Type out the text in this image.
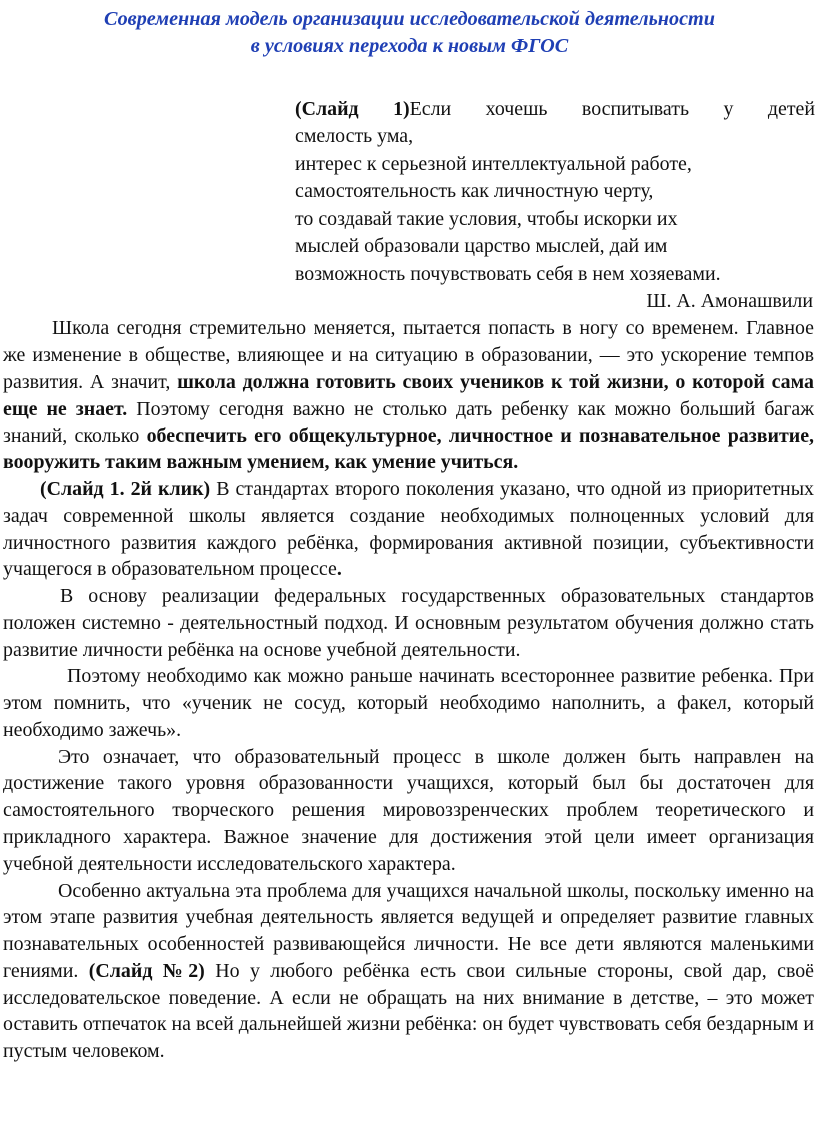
Современная модель организации исследовательской деятельности
в условиях перехода к новым ФГОС
(Слайд 1)Если хочешь воспитывать у детей
смелость ума,
интерес к серьезной интеллектуальной работе,
самостоятельность как личностную черту,
то создавай такие условия, чтобы искорки их
мыслей образовали царство мыслей, дай им
возможность почувствовать себя в нем хозяевами.
Ш. А. Амонашвили

Школа сегодня стремительно меняется, пытается попасть в ногу со временем. Главное же изменение в обществе, влияющее и на ситуацию в образовании, — это ускорение темпов развития. А значит, школа должна готовить своих учеников к той жизни, о которой сама еще не знает. Поэтому сегодня важно не столько дать ребенку как можно больший багаж знаний, сколько обеспечить его общекультурное, личностное и познавательное развитие, вооружить таким важным умением, как умение учиться.

(Слайд 1. 2й клик) В стандартах второго поколения указано, что одной из приоритетных задач современной школы является создание необходимых полноценных условий для личностного развития каждого ребёнка, формирования активной позиции, субъективности учащегося в образовательном процессе.

В основу реализации федеральных государственных образовательных стандартов положен системно - деятельностный подход. И основным результатом обучения должно стать развитие личности ребёнка на основе учебной деятельности.

Поэтому необходимо как можно раньше начинать всестороннее развитие ребенка. При этом помнить, что «ученик не сосуд, который необходимо наполнить, а факел, который необходимо зажечь».

Это означает, что образовательный процесс в школе должен быть направлен на достижение такого уровня образованности учащихся, который был бы достаточен для самостоятельного творческого решения мировоззренческих проблем теоретического и прикладного характера. Важное значение для достижения этой цели имеет организация учебной деятельности исследовательского характера.

Особенно актуальна эта проблема для учащихся начальной школы, поскольку именно на этом этапе развития учебная деятельность является ведущей и определяет развитие главных познавательных особенностей развивающейся личности. Не все дети являются маленькими гениями. (Слайд №2) Но у любого ребёнка есть свои сильные стороны, свой дар, своё исследовательское поведение. А если не обращать на них внимание в детстве, – это может оставить отпечаток на всей дальнейшей жизни ребёнка: он будет чувствовать себя бездарным и пустым человеком.
